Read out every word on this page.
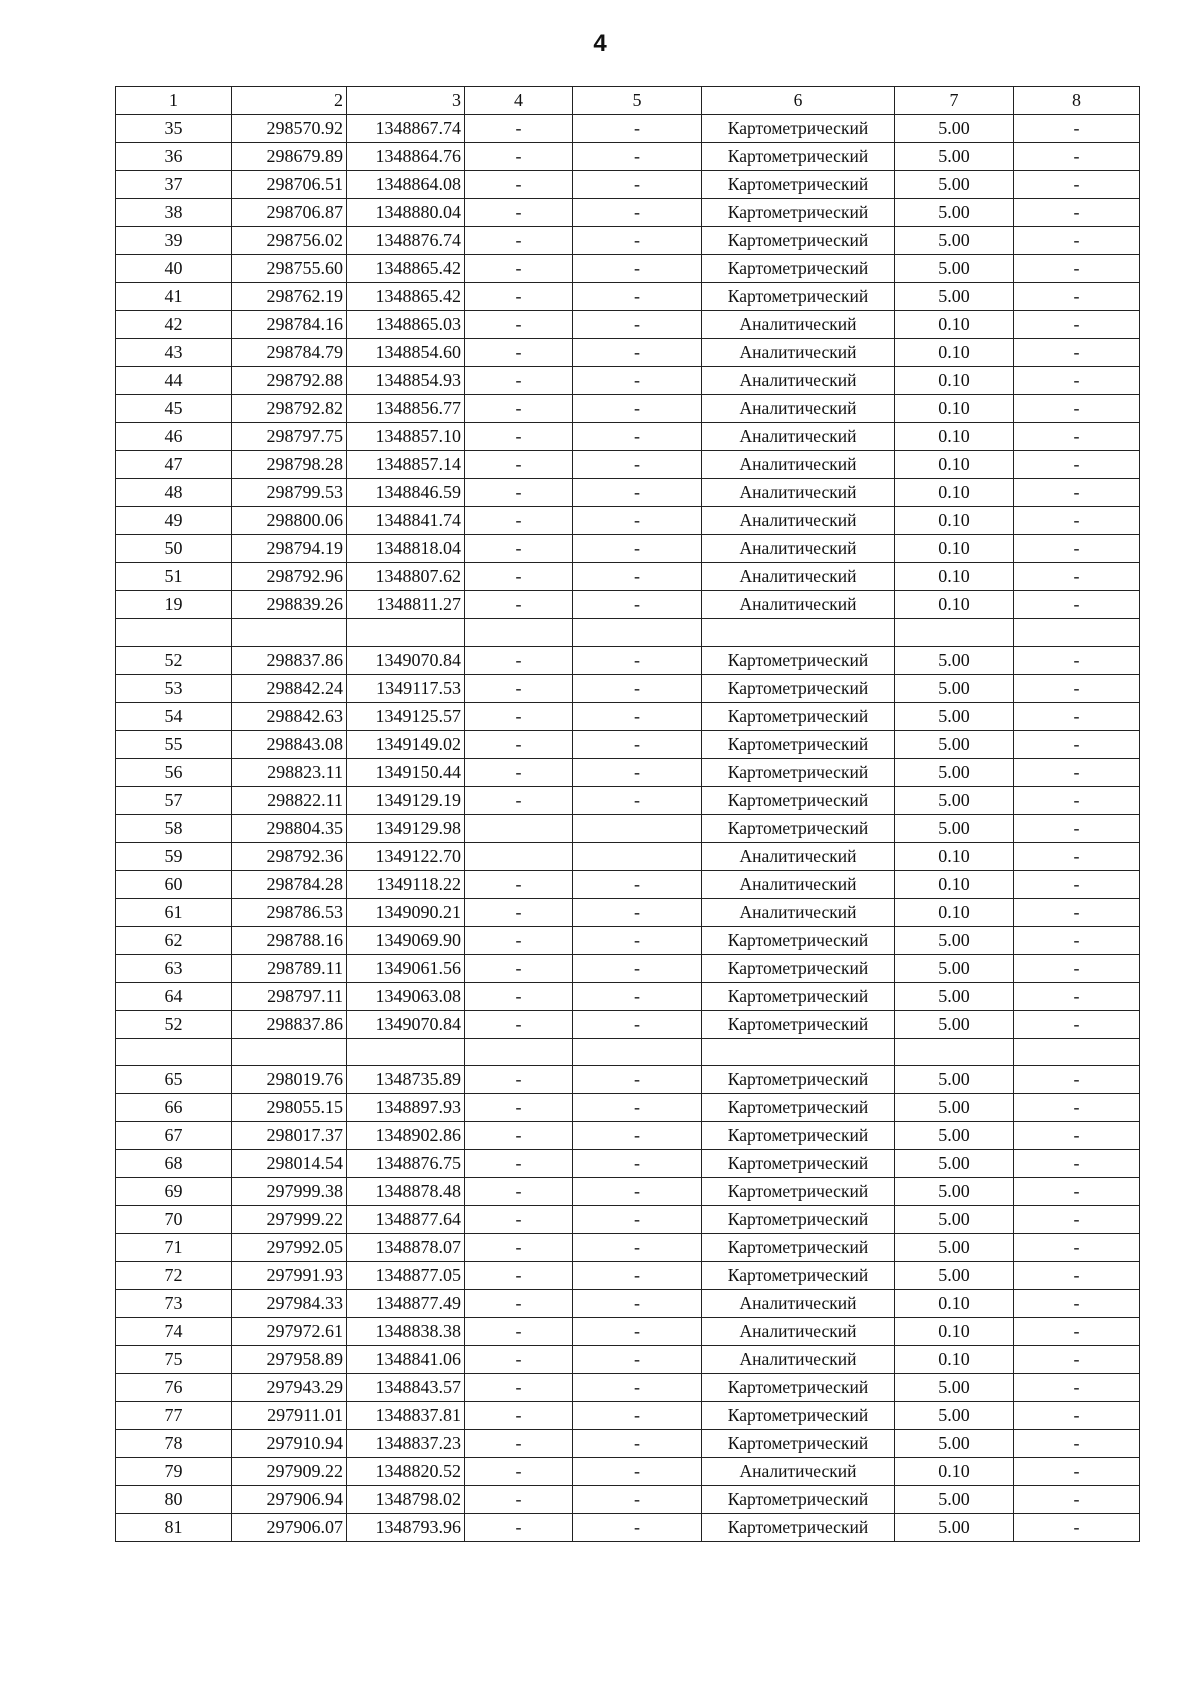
4
1	2	3	4	5	6	7	8
35	298570.92	1348867.74	-	-	Картометрический	5.00	-
36	298679.89	1348864.76	-	-	Картометрический	5.00	-
37	298706.51	1348864.08	-	-	Картометрический	5.00	-
38	298706.87	1348880.04	-	-	Картометрический	5.00	-
39	298756.02	1348876.74	-	-	Картометрический	5.00	-
40	298755.60	1348865.42	-	-	Картометрический	5.00	-
41	298762.19	1348865.42	-	-	Картометрический	5.00	-
42	298784.16	1348865.03	-	-	Аналитический	0.10	-
43	298784.79	1348854.60	-	-	Аналитический	0.10	-
44	298792.88	1348854.93	-	-	Аналитический	0.10	-
45	298792.82	1348856.77	-	-	Аналитический	0.10	-
46	298797.75	1348857.10	-	-	Аналитический	0.10	-
47	298798.28	1348857.14	-	-	Аналитический	0.10	-
48	298799.53	1348846.59	-	-	Аналитический	0.10	-
49	298800.06	1348841.74	-	-	Аналитический	0.10	-
50	298794.19	1348818.04	-	-	Аналитический	0.10	-
51	298792.96	1348807.62	-	-	Аналитический	0.10	-
19	298839.26	1348811.27	-	-	Аналитический	0.10	-

52	298837.86	1349070.84	-	-	Картометрический	5.00	-
53	298842.24	1349117.53	-	-	Картометрический	5.00	-
54	298842.63	1349125.57	-	-	Картометрический	5.00	-
55	298843.08	1349149.02	-	-	Картометрический	5.00	-
56	298823.11	1349150.44	-	-	Картометрический	5.00	-
57	298822.11	1349129.19	-	-	Картометрический	5.00	-
58	298804.35	1349129.98			Картометрический	5.00	-
59	298792.36	1349122.70			Аналитический	0.10	-
60	298784.28	1349118.22	-	-	Аналитический	0.10	-
61	298786.53	1349090.21	-	-	Аналитический	0.10	-
62	298788.16	1349069.90	-	-	Картометрический	5.00	-
63	298789.11	1349061.56	-	-	Картометрический	5.00	-
64	298797.11	1349063.08	-	-	Картометрический	5.00	-
52	298837.86	1349070.84	-	-	Картометрический	5.00	-

65	298019.76	1348735.89	-	-	Картометрический	5.00	-
66	298055.15	1348897.93	-	-	Картометрический	5.00	-
67	298017.37	1348902.86	-	-	Картометрический	5.00	-
68	298014.54	1348876.75	-	-	Картометрический	5.00	-
69	297999.38	1348878.48	-	-	Картометрический	5.00	-
70	297999.22	1348877.64	-	-	Картометрический	5.00	-
71	297992.05	1348878.07	-	-	Картометрический	5.00	-
72	297991.93	1348877.05	-	-	Картометрический	5.00	-
73	297984.33	1348877.49	-	-	Аналитический	0.10	-
74	297972.61	1348838.38	-	-	Аналитический	0.10	-
75	297958.89	1348841.06	-	-	Аналитический	0.10	-
76	297943.29	1348843.57	-	-	Картометрический	5.00	-
77	297911.01	1348837.81	-	-	Картометрический	5.00	-
78	297910.94	1348837.23	-	-	Картометрический	5.00	-
79	297909.22	1348820.52	-	-	Аналитический	0.10	-
80	297906.94	1348798.02	-	-	Картометрический	5.00	-
81	297906.07	1348793.96	-	-	Картометрический	5.00	-
